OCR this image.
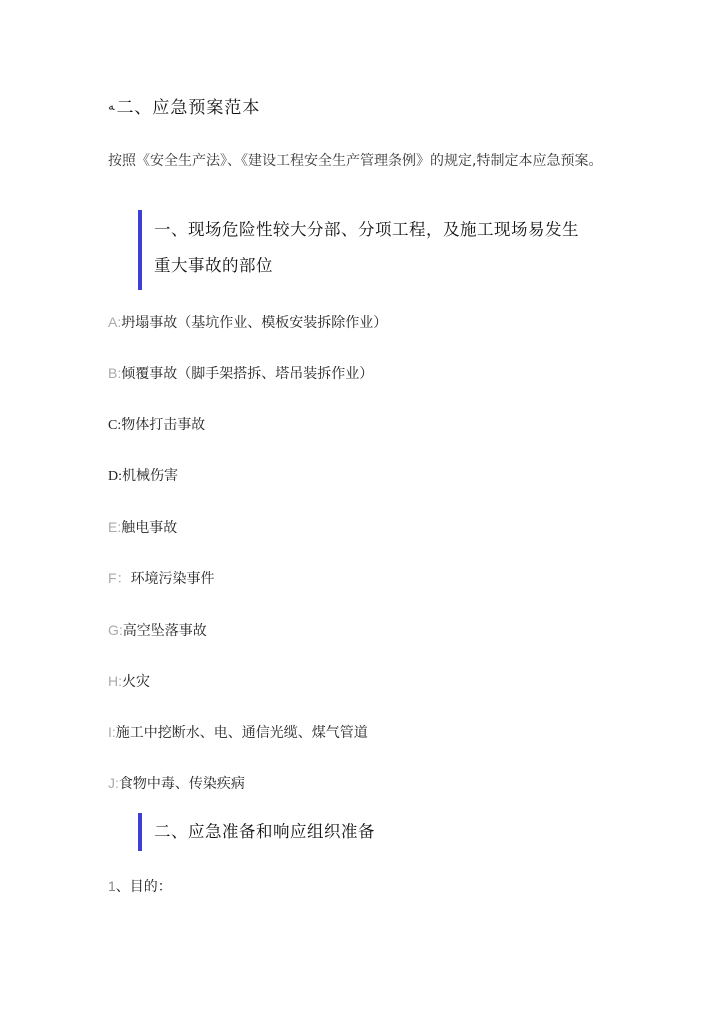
ﻪ 二、应急预案范本
按照《安全生产法》、《建设工程安全生产管理条例》的规定,特制定本应急预案。
一、现场危险性较大分部、分项工程，及施工现场易发生
重大事故的部位
A:坍塌事故（基坑作业、模板安装拆除作业）
B:倾覆事故（脚手架搭拆、塔吊装拆作业）
C:物体打击事故
D:机械伤害
E:触电事故
F：环境污染事件
G:高空坠落事故
H:火灾
I:施工中挖断水、电、通信光缆、煤气管道
J:食物中毒、传染疾病
二、应急准备和响应组织准备
1、目的：
